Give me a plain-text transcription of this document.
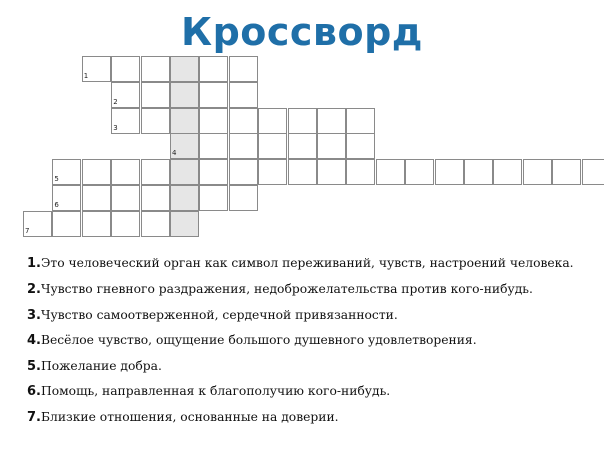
Кроссворд
1
2
3
4
5
6
7
1.Это человеческий орган как символ переживаний, чувств, настроений человека.
2.Чувство гневного раздражения, недоброжелательства против кого-нибудь.
3.Чувство самоотверженной, сердечной привязанности.
4.Весёлое чувство, ощущение большого душевного удовлетворения.
5.Пожелание добра.
6.Помощь, направленная к благополучию кого-нибудь.
7.Близкие отношения, основанные на доверии.
